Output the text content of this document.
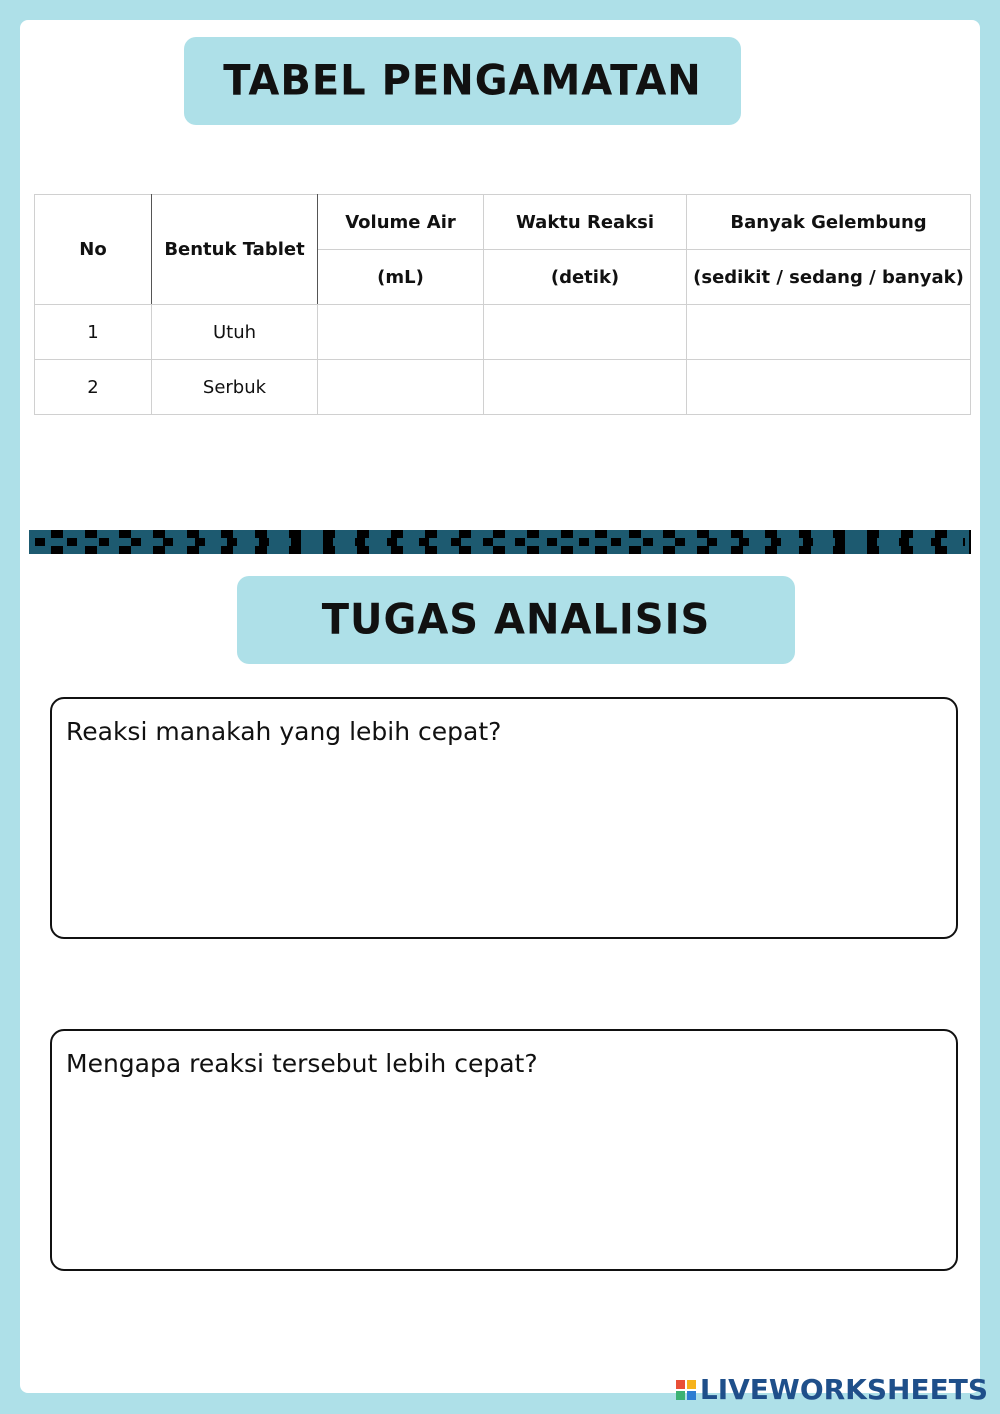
TABEL PENGAMATAN
No	Bentuk Tablet	Volume Air	Waktu Reaksi	Banyak Gelembung
		(mL)	(detik)	(sedikit / sedang / banyak)
1	Utuh			
2	Serbuk			
TUGAS ANALISIS
Reaksi manakah yang lebih cepat?
Mengapa reaksi tersebut lebih cepat?
LIVEWORKSHEETS
